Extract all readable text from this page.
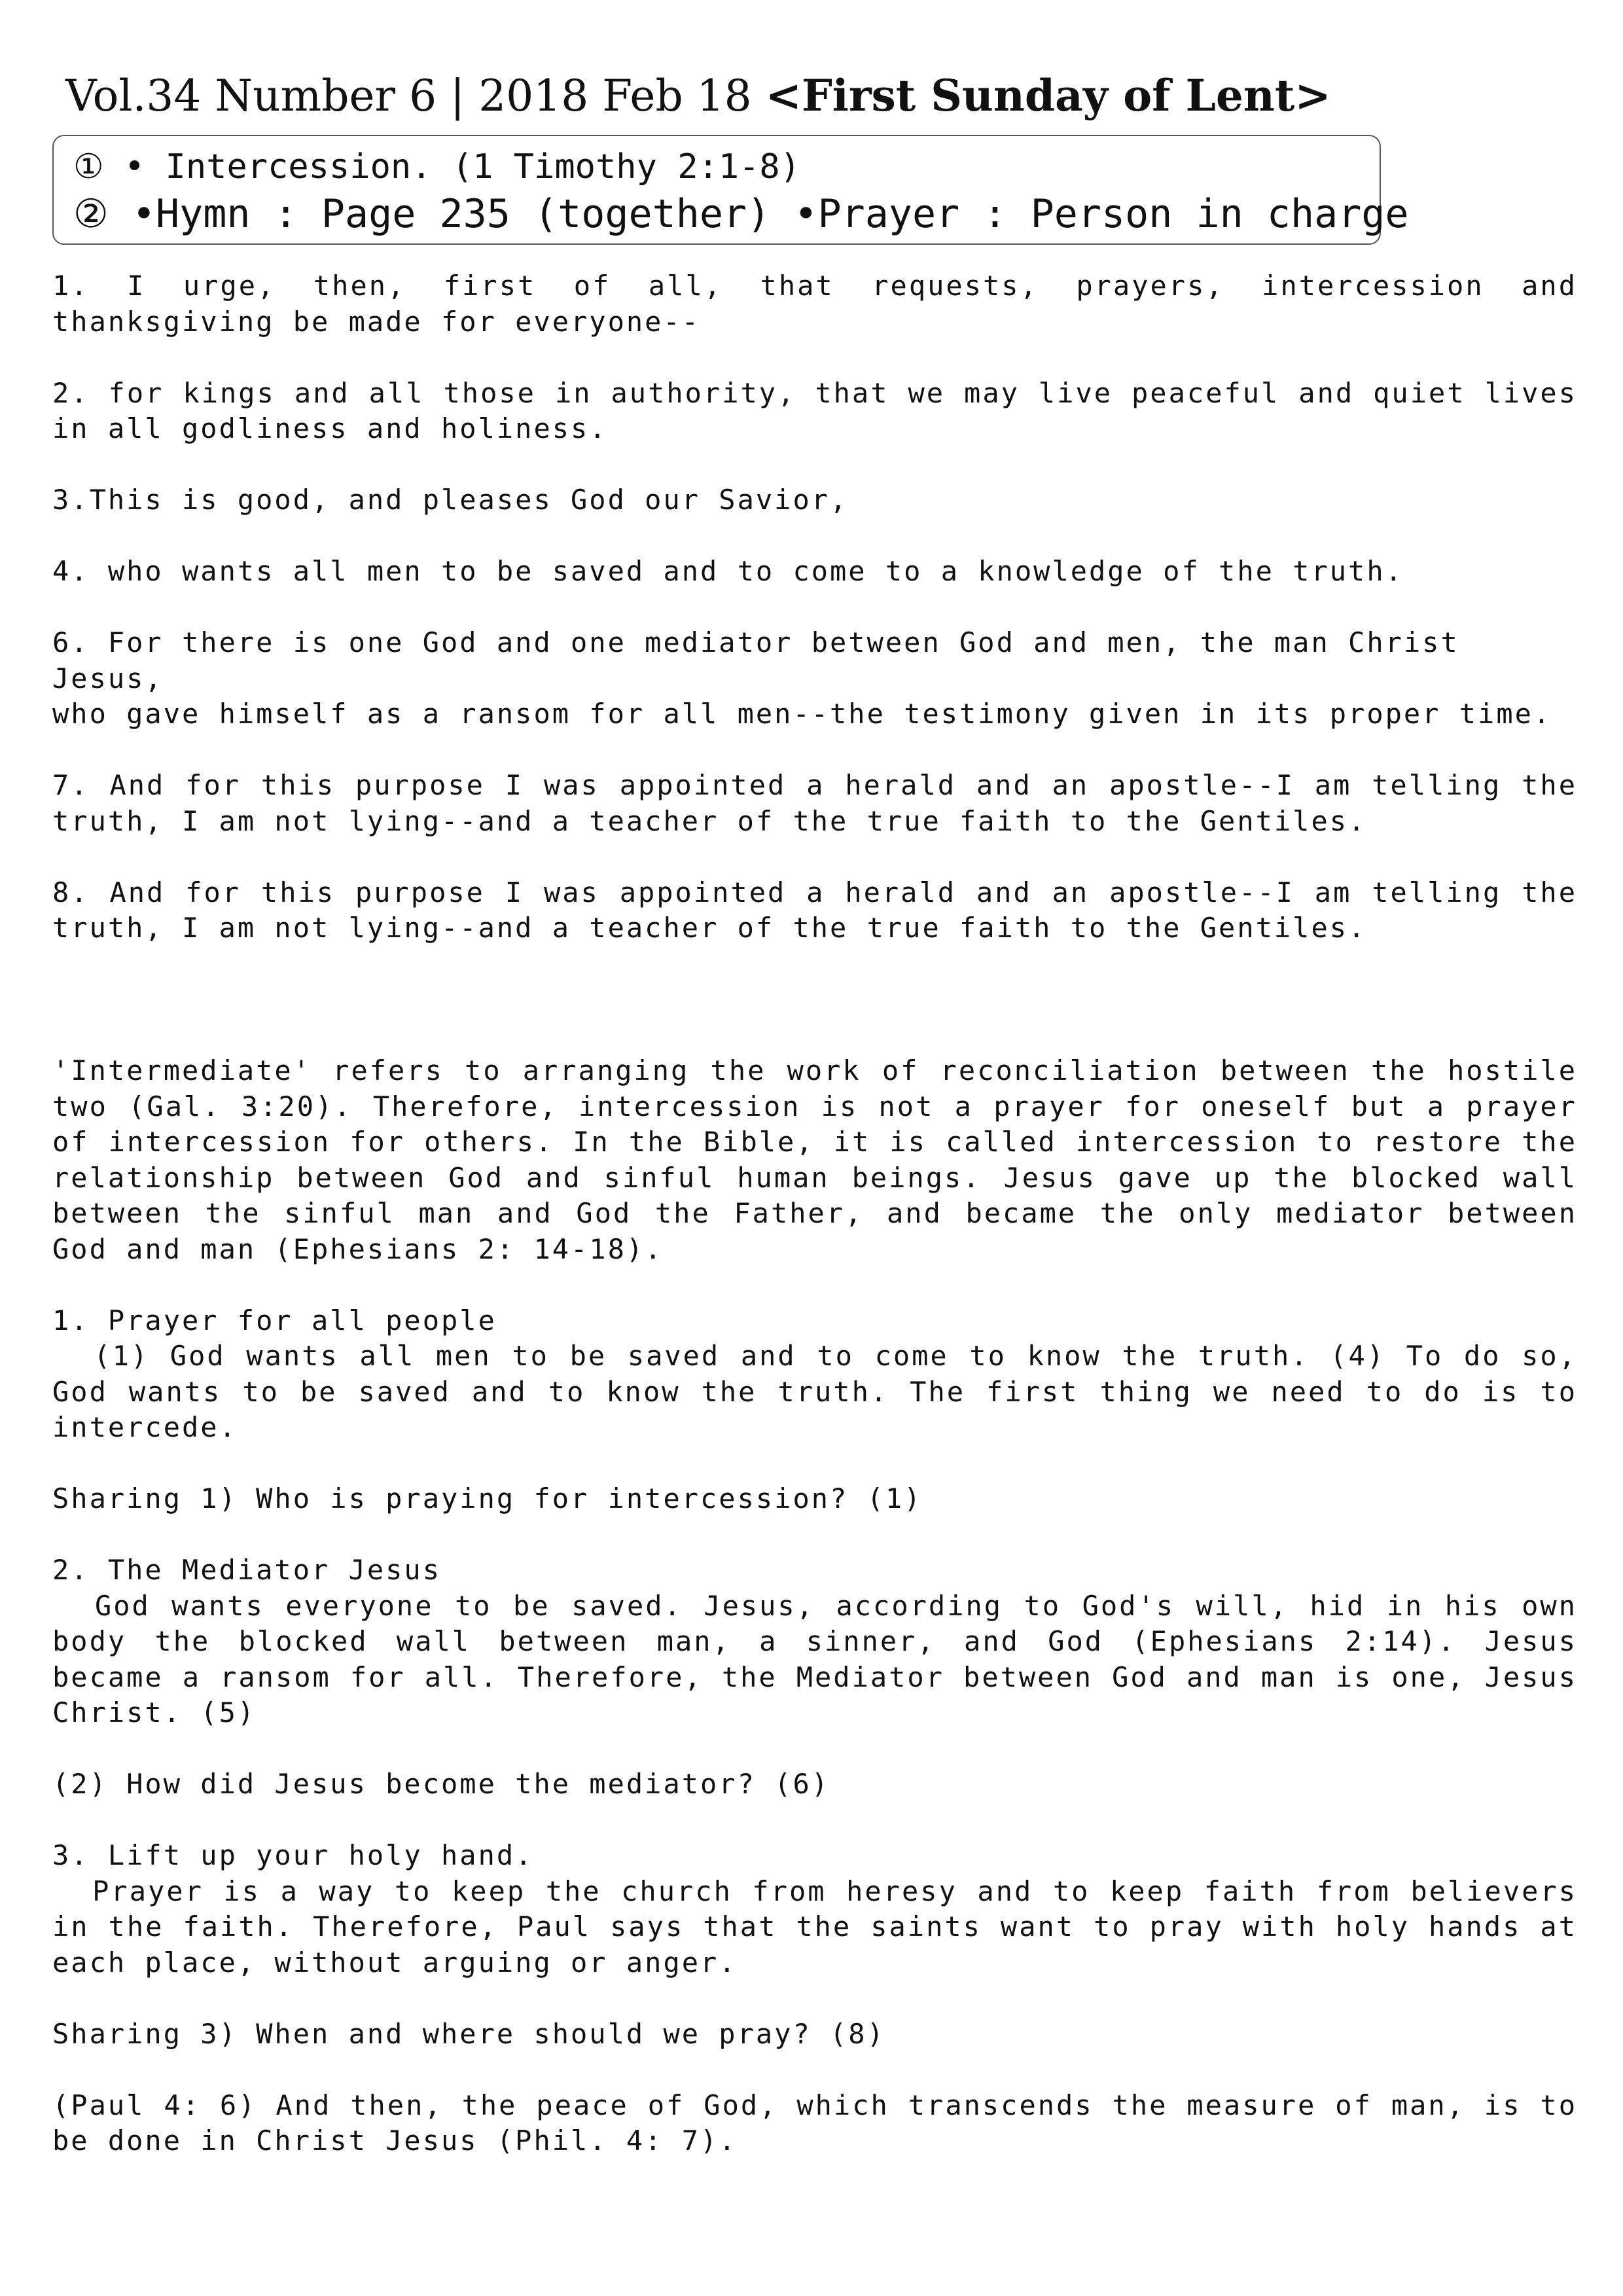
Vol.34 Number 6 | 2018 Feb 18 <First Sunday of Lent>
① • Intercession. (1 Timothy 2:1-8)
② •Hymn : Page 235 (together) •Prayer : Person in charge

1. I urge, then, first of all, that requests, prayers, intercession and thanksgiving be made for everyone--

2. for kings and all those in authority, that we may live peaceful and quiet lives in all godliness and holiness.

3.This is good, and pleases God our Savior,

4. who wants all men to be saved and to come to a knowledge of the truth.

6. For there is one God and one mediator between God and men, the man Christ Jesus,
who gave himself as a ransom for all men--the testimony given in its proper time.

7. And for this purpose I was appointed a herald and an apostle--I am telling the truth, I am not lying--and a teacher of the true faith to the Gentiles.

8. And for this purpose I was appointed a herald and an apostle--I am telling the truth, I am not lying--and a teacher of the true faith to the Gentiles.

'Intermediate' refers to arranging the work of reconciliation between the hostile two (Gal. 3:20). Therefore, intercession is not a prayer for oneself but a prayer of intercession for others. In the Bible, it is called intercession to restore the relationship between God and sinful human beings. Jesus gave up the blocked wall between the sinful man and God the Father, and became the only mediator between God and man (Ephesians 2: 14-18).

1. Prayer for all people

(1) God wants all men to be saved and to come to know the truth. (4) To do so, God wants to be saved and to know the truth. The first thing we need to do is to intercede.

Sharing 1) Who is praying for intercession? (1)

2. The Mediator Jesus

God wants everyone to be saved. Jesus, according to God's will, hid in his own body the blocked wall between man, a sinner, and God (Ephesians 2:14). Jesus became a ransom for all. Therefore, the Mediator between God and man is one, Jesus Christ. (5)

(2) How did Jesus become the mediator? (6)

3. Lift up your holy hand.

Prayer is a way to keep the church from heresy and to keep faith from believers in the faith. Therefore, Paul says that the saints want to pray with holy hands at each place, without arguing or anger.

Sharing 3) When and where should we pray? (8)

(Paul 4: 6) And then, the peace of God, which transcends the measure of man, is to be done in Christ Jesus (Phil. 4: 7).
